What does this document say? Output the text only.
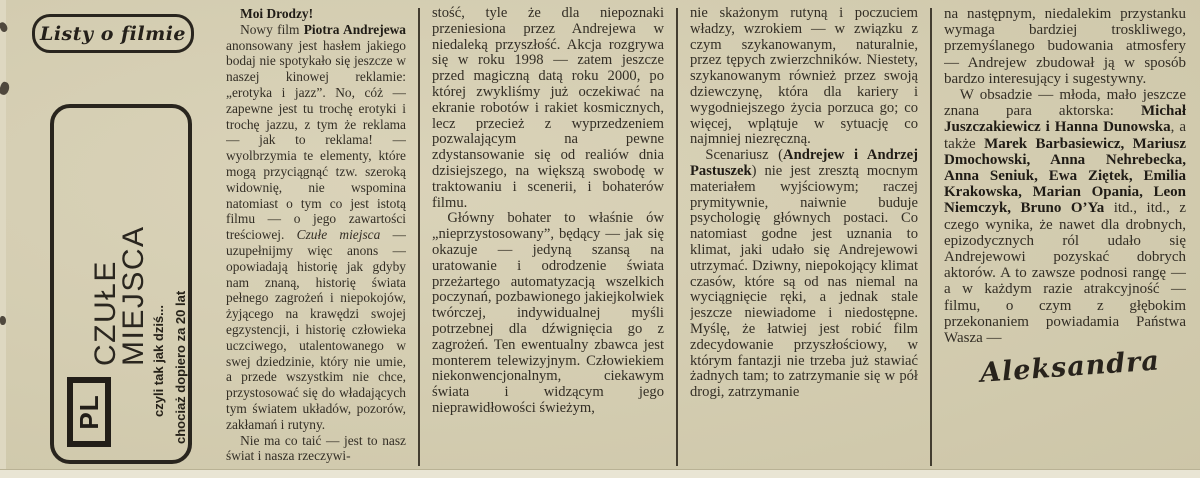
Listy o filmie
PL
CZUŁE
MIEJSCA czyli tak jak dziś... chociaż dopiero za 20 lat

Moi Drodzy!

Nowy film Piotra Andrejewa anonsowany jest hasłem jakiego bodaj nie spotykało się jeszcze w naszej kinowej reklamie: „erotyka i jazz”. No, cóż — zapewne jest tu trochę erotyki i trochę jazzu, z tym że reklama — jak to reklama! — wyolbrzymia te elementy, które mogą przyciągnąć tzw. szeroką widownię, nie wspomina natomiast o tym co jest istotą filmu — o jego zawartości treściowej. Czułe miejsca — uzupełnijmy więc anons — opowiadają historię jak gdyby nam znaną, historię świata pełnego zagrożeń i niepokojów, żyjącego na krawędzi swojej egzystencji, i historię człowieka uczciwego, utalentowanego w swej dziedzinie, który nie umie, a przede wszystkim nie chce, przystosować się do władających tym światem układów, pozorów, zakłamań i rutyny.

Nie ma co taić — jest to nasz świat i nasza rzeczywi-

stość, tyle że dla niepoznaki przeniesiona przez Andrejewa w niedaleką przyszłość. Akcja rozgrywa się w roku 1998 — zatem jeszcze przed magiczną datą roku 2000, po której zwykliśmy już oczekiwać na ekranie robotów i rakiet kosmicznych, lecz przecież z wyprzedzeniem pozwalającym na pewne zdystansowanie się od realiów dnia dzisiejszego, na większą swobodę w traktowaniu i scenerii, i bohaterów filmu.

Główny bohater to właśnie ów „nieprzystosowany”, będący — jak się okazuje — jedyną szansą na uratowanie i odrodzenie świata przeżartego automatyzacją wszelkich poczynań, pozbawionego jakiejkolwiek twórczej, indywidualnej myśli potrzebnej dla dźwignięcia go z zagrożeń. Ten ewentualny zbawca jest monterem telewizyjnym. Człowiekiem niekonwencjonalnym, ciekawym świata i widzącym jego nieprawidłowości świeżym,

nie skażonym rutyną i poczuciem władzy, wzrokiem — w związku z czym szykanowanym, naturalnie, przez tępych zwierzchników. Niestety, szykanowanym również przez swoją dziewczynę, która dla kariery i wygodniejszego życia porzuca go; co więcej, wplątuje w sytuację co najmniej niezręczną.

Scenariusz (Andrejew i Andrzej Pastuszek) nie jest zresztą mocnym materiałem wyjściowym; raczej prymitywnie, naiwnie buduje psychologię głównych postaci. Co natomiast godne jest uznania to klimat, jaki udało się Andrejewowi utrzymać. Dziwny, niepokojący klimat czasów, które są od nas niemal na wyciągnięcie ręki, a jednak stale jeszcze niewiadome i niedostępne. Myślę, że łatwiej jest robić film zdecydowanie przyszłościowy, w którym fantazji nie trzeba już stawiać żadnych tam; to zatrzymanie się w pół drogi, zatrzymanie

na następnym, niedalekim przystanku wymaga bardziej troskliwego, przemyślanego budowania atmosfery — Andrejew zbudował ją w sposób bardzo interesujący i sugestywny.

W obsadzie — młoda, mało jeszcze znana para aktorska: Michał Juszczakiewicz i Hanna Dunowska, a także Marek Barbasiewicz, Mariusz Dmochowski, Anna Nehrebecka, Anna Seniuk, Ewa Ziętek, Emilia Krakowska, Marian Opania, Leon Niemczyk, Bruno O’Ya itd., itd., z czego wynika, że nawet dla drobnych, epizodycznych ról udało się Andrejewowi pozyskać dobrych aktorów. A to zawsze podnosi rangę — a w każdym razie atrakcyjność — filmu, o czym z głębokim przekonaniem powiadamia Państwa Wasza —

Aleksandra
